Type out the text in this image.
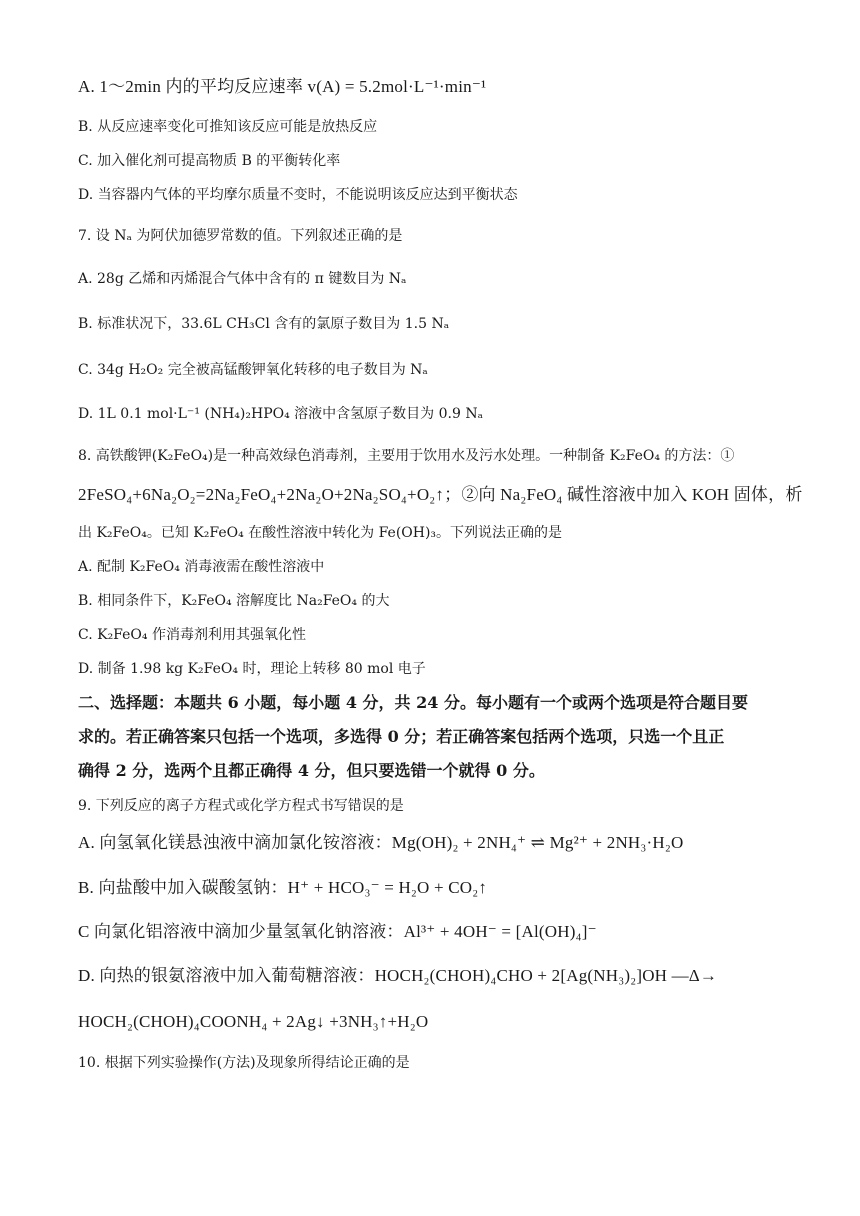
A. 1～2min 内的平均反应速率 v(A) = 5.2mol·L⁻¹·min⁻¹
B. 从反应速率变化可推知该反应可能是放热反应
C. 加入催化剂可提高物质 B 的平衡转化率
D. 当容器内气体的平均摩尔质量不变时，不能说明该反应达到平衡状态
7. 设 Nₐ 为阿伏加德罗常数的值。下列叙述正确的是
A. 28g 乙烯和丙烯混合气体中含有的 π 键数目为 Nₐ
B. 标准状况下，33.6L CH₃Cl 含有的氯原子数目为 1.5 Nₐ
C. 34g H₂O₂ 完全被高锰酸钾氧化转移的电子数目为 Nₐ
D. 1L 0.1 mol·L⁻¹ (NH₄)₂HPO₄ 溶液中含氢原子数目为 0.9 Nₐ
8. 高铁酸钾(K₂FeO₄)是一种高效绿色消毒剂，主要用于饮用水及污水处理。一种制备 K₂FeO₄ 的方法：①
2FeSO₄+6Na₂O₂=2Na₂FeO₄+2Na₂O+2Na₂SO₄+O₂↑；②向 Na₂FeO₄ 碱性溶液中加入 KOH 固体，析
出 K₂FeO₄。已知 K₂FeO₄ 在酸性溶液中转化为 Fe(OH)₃。下列说法正确的是
A. 配制 K₂FeO₄ 消毒液需在酸性溶液中
B. 相同条件下，K₂FeO₄ 溶解度比 Na₂FeO₄ 的大
C. K₂FeO₄ 作消毒剂利用其强氧化性
D. 制备 1.98 kg K₂FeO₄ 时，理论上转移 80 mol 电子
二、选择题：本题共 6 小题，每小题 4 分，共 24 分。每小题有一个或两个选项是符合题目要
求的。若正确答案只包括一个选项，多选得 0 分；若正确答案包括两个选项，只选一个且正
确得 2 分，选两个且都正确得 4 分，但只要选错一个就得 0 分。
9. 下列反应的离子方程式或化学方程式书写错误的是
A. 向氢氧化镁悬浊液中滴加氯化铵溶液：Mg(OH)₂ + 2NH₄⁺ ⇌ Mg²⁺ + 2NH₃·H₂O
B. 向盐酸中加入碳酸氢钠：H⁺ + HCO₃⁻ = H₂O + CO₂↑
C 向氯化铝溶液中滴加少量氢氧化钠溶液：Al³⁺ + 4OH⁻ = [Al(OH)₄]⁻
D. 向热的银氨溶液中加入葡萄糖溶液：HOCH₂(CHOH)₄CHO + 2[Ag(NH₃)₂]OH —Δ→
HOCH₂(CHOH)₄COONH₄ + 2Ag↓ +3NH₃↑+H₂O
10. 根据下列实验操作(方法)及现象所得结论正确的是
